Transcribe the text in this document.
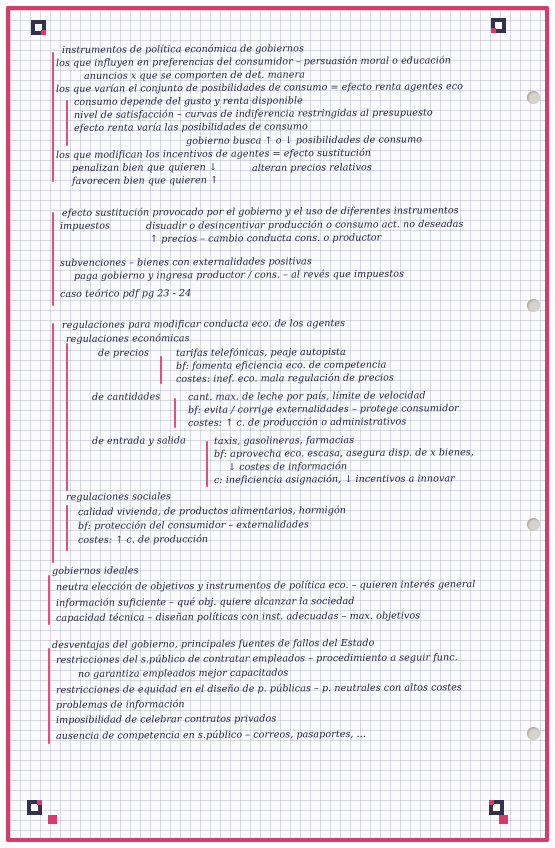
instrumentos de política económica de gobiernos
los que influyen en preferencias del consumidor – persuasión moral o educación
anuncios x que se comporten de det. manera
los que varían el conjunto de posibilidades de consumo = efecto renta agentes eco
consumo depende del gusto y renta disponible
nivel de satisfacción – curvas de indiferencia restringidas al presupuesto
efecto renta varía las posibilidades de consumo
gobierno busca ↑ o ↓ posibilidades de consumo
los que modifican los incentivos de agentes = efecto sustitución
penalizan bien que quieren ↓	alteran precios relativos
favorecen bien que quieren ↑
efecto sustitución provocado por el gobierno y el uso de diferentes instrumentos
impuestos	disuadir o desincentivar producción o consumo act. no deseadas
↑ precios – cambio conducta cons. o productor
subvenciones – bienes con externalidades positivas
paga gobierno y ingresa productor / cons. – al revés que impuestos
caso teórico pdf pg 23 - 24
regulaciones para modificar conducta eco. de los agentes
regulaciones económicas
de precios	tarifas telefónicas, peaje autopista
bf: fomenta eficiencia eco. de competencia
costes: inef. eco. mala regulación de precios
de cantidades	cant. max. de leche por país, límite de velocidad
bf: evita / corrige externalidades – protege consumidor
costes: ↑ c. de producción o administrativos
de entrada y salida	taxis, gasolineras, farmacias
bf: aprovecha eco. escasa, asegura disp. de x bienes,
↓ costes de información
c: ineficiencia asignación, ↓ incentivos a innovar
regulaciones sociales
calidad vivienda, de productos alimentarios, hormigón
bf: protección del consumidor – externalidades
costes: ↑ c. de producción
gobiernos ideales
neutra elección de objetivos y instrumentos de política eco. – quieren interés general
información suficiente – qué obj. quiere alcanzar la sociedad
capacidad técnica – diseñan políticas con inst. adecuadas – max. objetivos
desventajas del gobierno, principales fuentes de fallos del Estado
restricciones del s.público de contratar empleados – procedimiento a seguir func.
no garantiza empleados mejor capacitados
restricciones de equidad en el diseño de p. públicas – p. neutrales con altos costes
problemas de información
imposibilidad de celebrar contratos privados
ausencia de competencia en s.público – correos, pasaportes, ...
